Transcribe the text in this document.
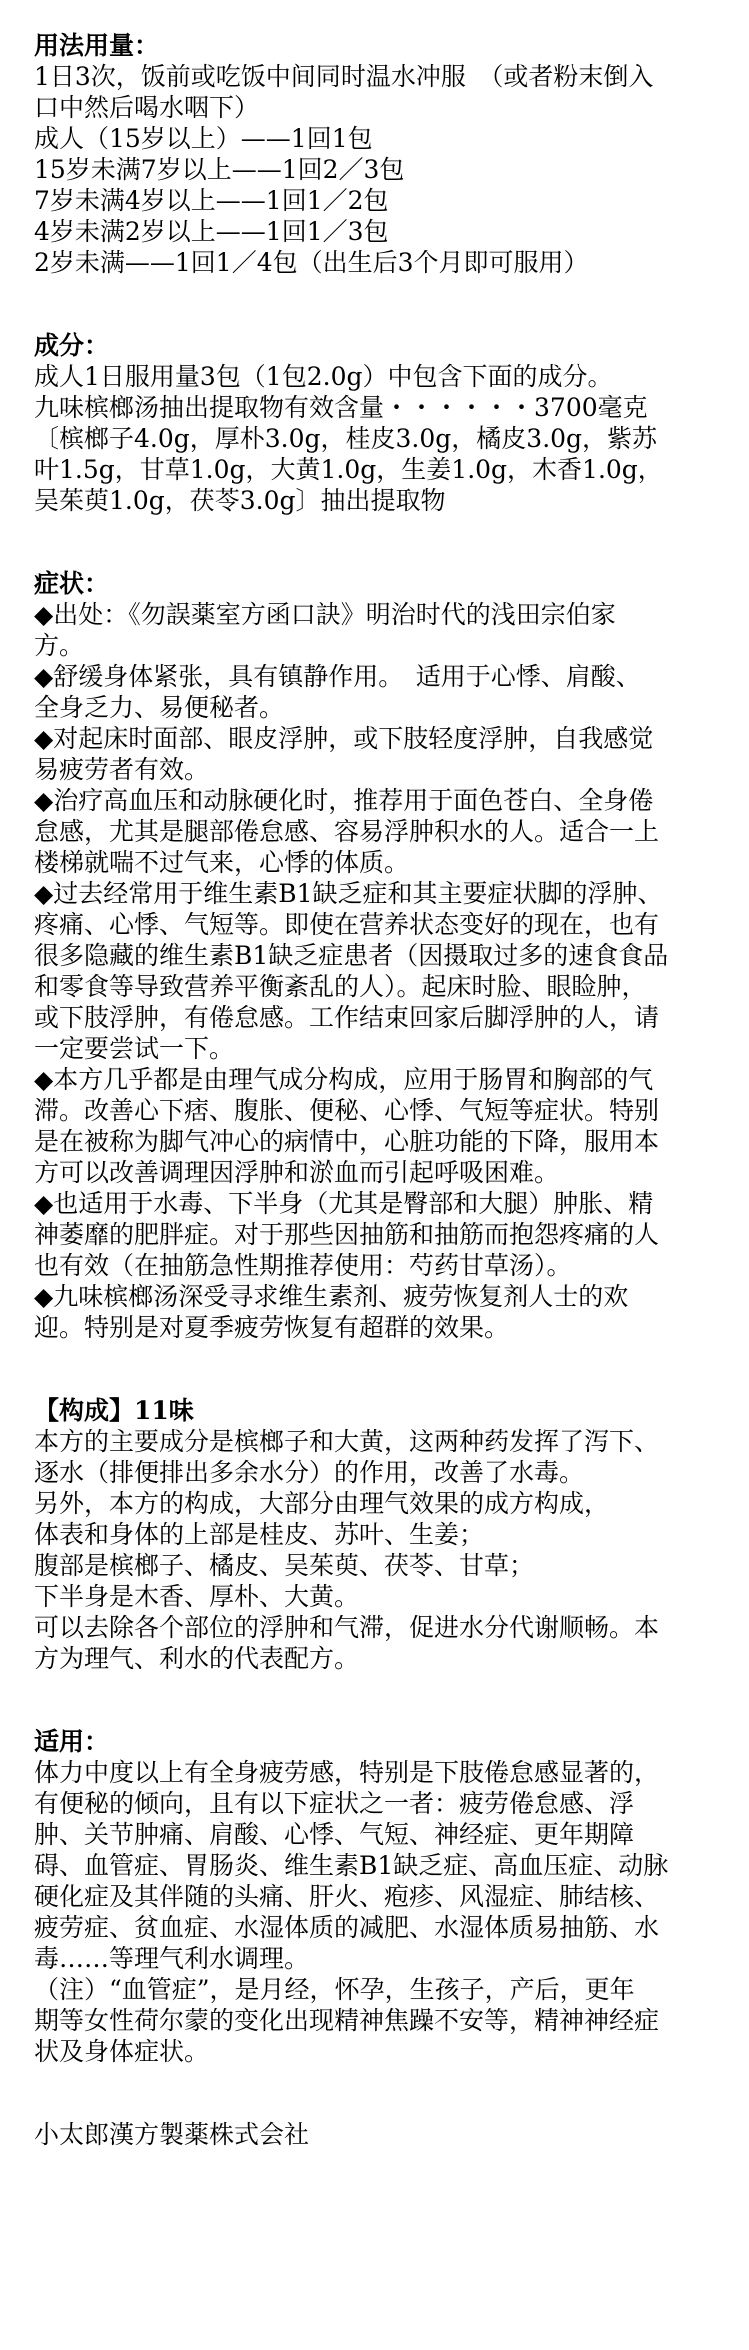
用法用量：
1日3次，饭前或吃饭中间同时温水冲服　（或者粉末倒入
口中然后喝水咽下）
成人（15岁以上）——1回1包
15岁未满7岁以上——1回2／3包
7岁未满4岁以上——1回1／2包
4岁未满2岁以上——1回1／3包
2岁未满——1回1／4包（出生后3个月即可服用）
成分：
成人1日服用量3包（1包2.0g）中包含下面的成分。
九味槟榔汤抽出提取物有效含量・・・・・・3700毫克
〔槟榔子4.0g，厚朴3.0g，桂皮3.0g，橘皮3.0g，紫苏
叶1.5g，甘草1.0g，大黄1.0g，生姜1.0g，木香1.0g，
吴茱萸1.0g，茯苓3.0g〕抽出提取物
症状：
◆出处：《勿誤薬室方函口訣》明治时代的浅田宗伯家
方。
◆舒缓身体紧张，具有镇静作用。　适用于心悸、肩酸、
全身乏力、易便秘者。
◆对起床时面部、眼皮浮肿，或下肢轻度浮肿，自我感觉
易疲劳者有效。
◆治疗高血压和动脉硬化时，推荐用于面色苍白、全身倦
怠感，尤其是腿部倦怠感、容易浮肿积水的人。适合一上
楼梯就喘不过气来，心悸的体质。
◆过去经常用于维生素B1缺乏症和其主要症状脚的浮肿、
疼痛、心悸、气短等。即使在营养状态变好的现在，也有
很多隐藏的维生素B1缺乏症患者（因摄取过多的速食食品
和零食等导致营养平衡紊乱的人）。起床时脸、眼睑肿，
或下肢浮肿，有倦怠感。工作结束回家后脚浮肿的人，请
一定要尝试一下。
◆本方几乎都是由理气成分构成，应用于肠胃和胸部的气
滞。改善心下痞、腹胀、便秘、心悸、气短等症状。特别
是在被称为脚气冲心的病情中，心脏功能的下降，服用本
方可以改善调理因浮肿和淤血而引起呼吸困难。
◆也适用于水毒、下半身（尤其是臀部和大腿）肿胀、精
神萎靡的肥胖症。对于那些因抽筋和抽筋而抱怨疼痛的人
也有效（在抽筋急性期推荐使用：芍药甘草汤）。
◆九味槟榔汤深受寻求维生素剂、疲劳恢复剂人士的欢
迎。特别是对夏季疲劳恢复有超群的效果。
【构成】11味
本方的主要成分是槟榔子和大黄，这两种药发挥了泻下、
逐水（排便排出多余水分）的作用，改善了水毒。
另外，本方的构成，大部分由理气效果的成方构成，
体表和身体的上部是桂皮、苏叶、生姜；
腹部是槟榔子、橘皮、吴茱萸、茯苓、甘草；
下半身是木香、厚朴、大黄。
可以去除各个部位的浮肿和气滞，促进水分代谢顺畅。本
方为理气、利水的代表配方。
适用：
体力中度以上有全身疲劳感，特别是下肢倦怠感显著的，
有便秘的倾向，且有以下症状之一者：疲劳倦怠感、浮
肿、关节肿痛、肩酸、心悸、气短、神经症、更年期障
碍、血管症、胃肠炎、维生素B1缺乏症、高血压症、动脉
硬化症及其伴随的头痛、肝火、疱疹、风湿症、肺结核、
疲劳症、贫血症、水湿体质的减肥、水湿体质易抽筋、水
毒……等理气利水调理。
（注）“血管症”，是月经，怀孕，生孩子，产后，更年
期等女性荷尔蒙的变化出现精神焦躁不安等，精神神经症
状及身体症状。
小太郎漢方製薬株式会社
